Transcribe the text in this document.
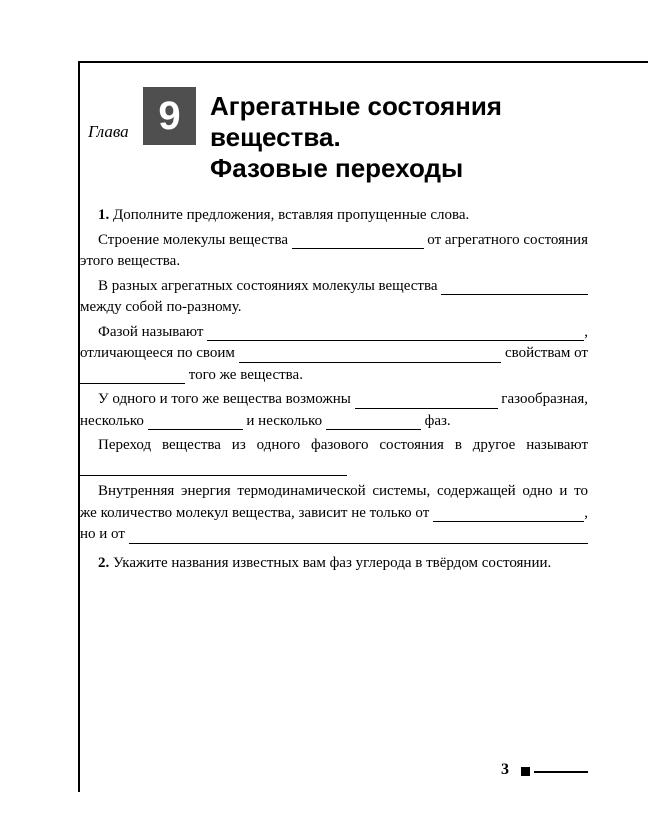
Глава 9 Агрегатные состояния
вещества.
Фазовые переходы
1. Дополните предложения, вставляя пропущенные слова.
Строение молекулы вещества	от агрегатного состояния
этого вещества.
В разных агрегатных состояниях молекулы вещества
между собой по-разному.
Фазой называют	,
отличающееся по своим	свойствам от
того же вещества.
У одного и того же вещества возможны	газообразная,
несколько	и несколько	фаз.
Переход вещества из одного фазового состояния в другое называют
Внутренняя энергия термодинамической системы, содержащей одно и то
же количество молекул вещества, зависит не только от	,
но и от
2. Укажите названия известных вам фаз углерода в твёрдом состоянии.
3
